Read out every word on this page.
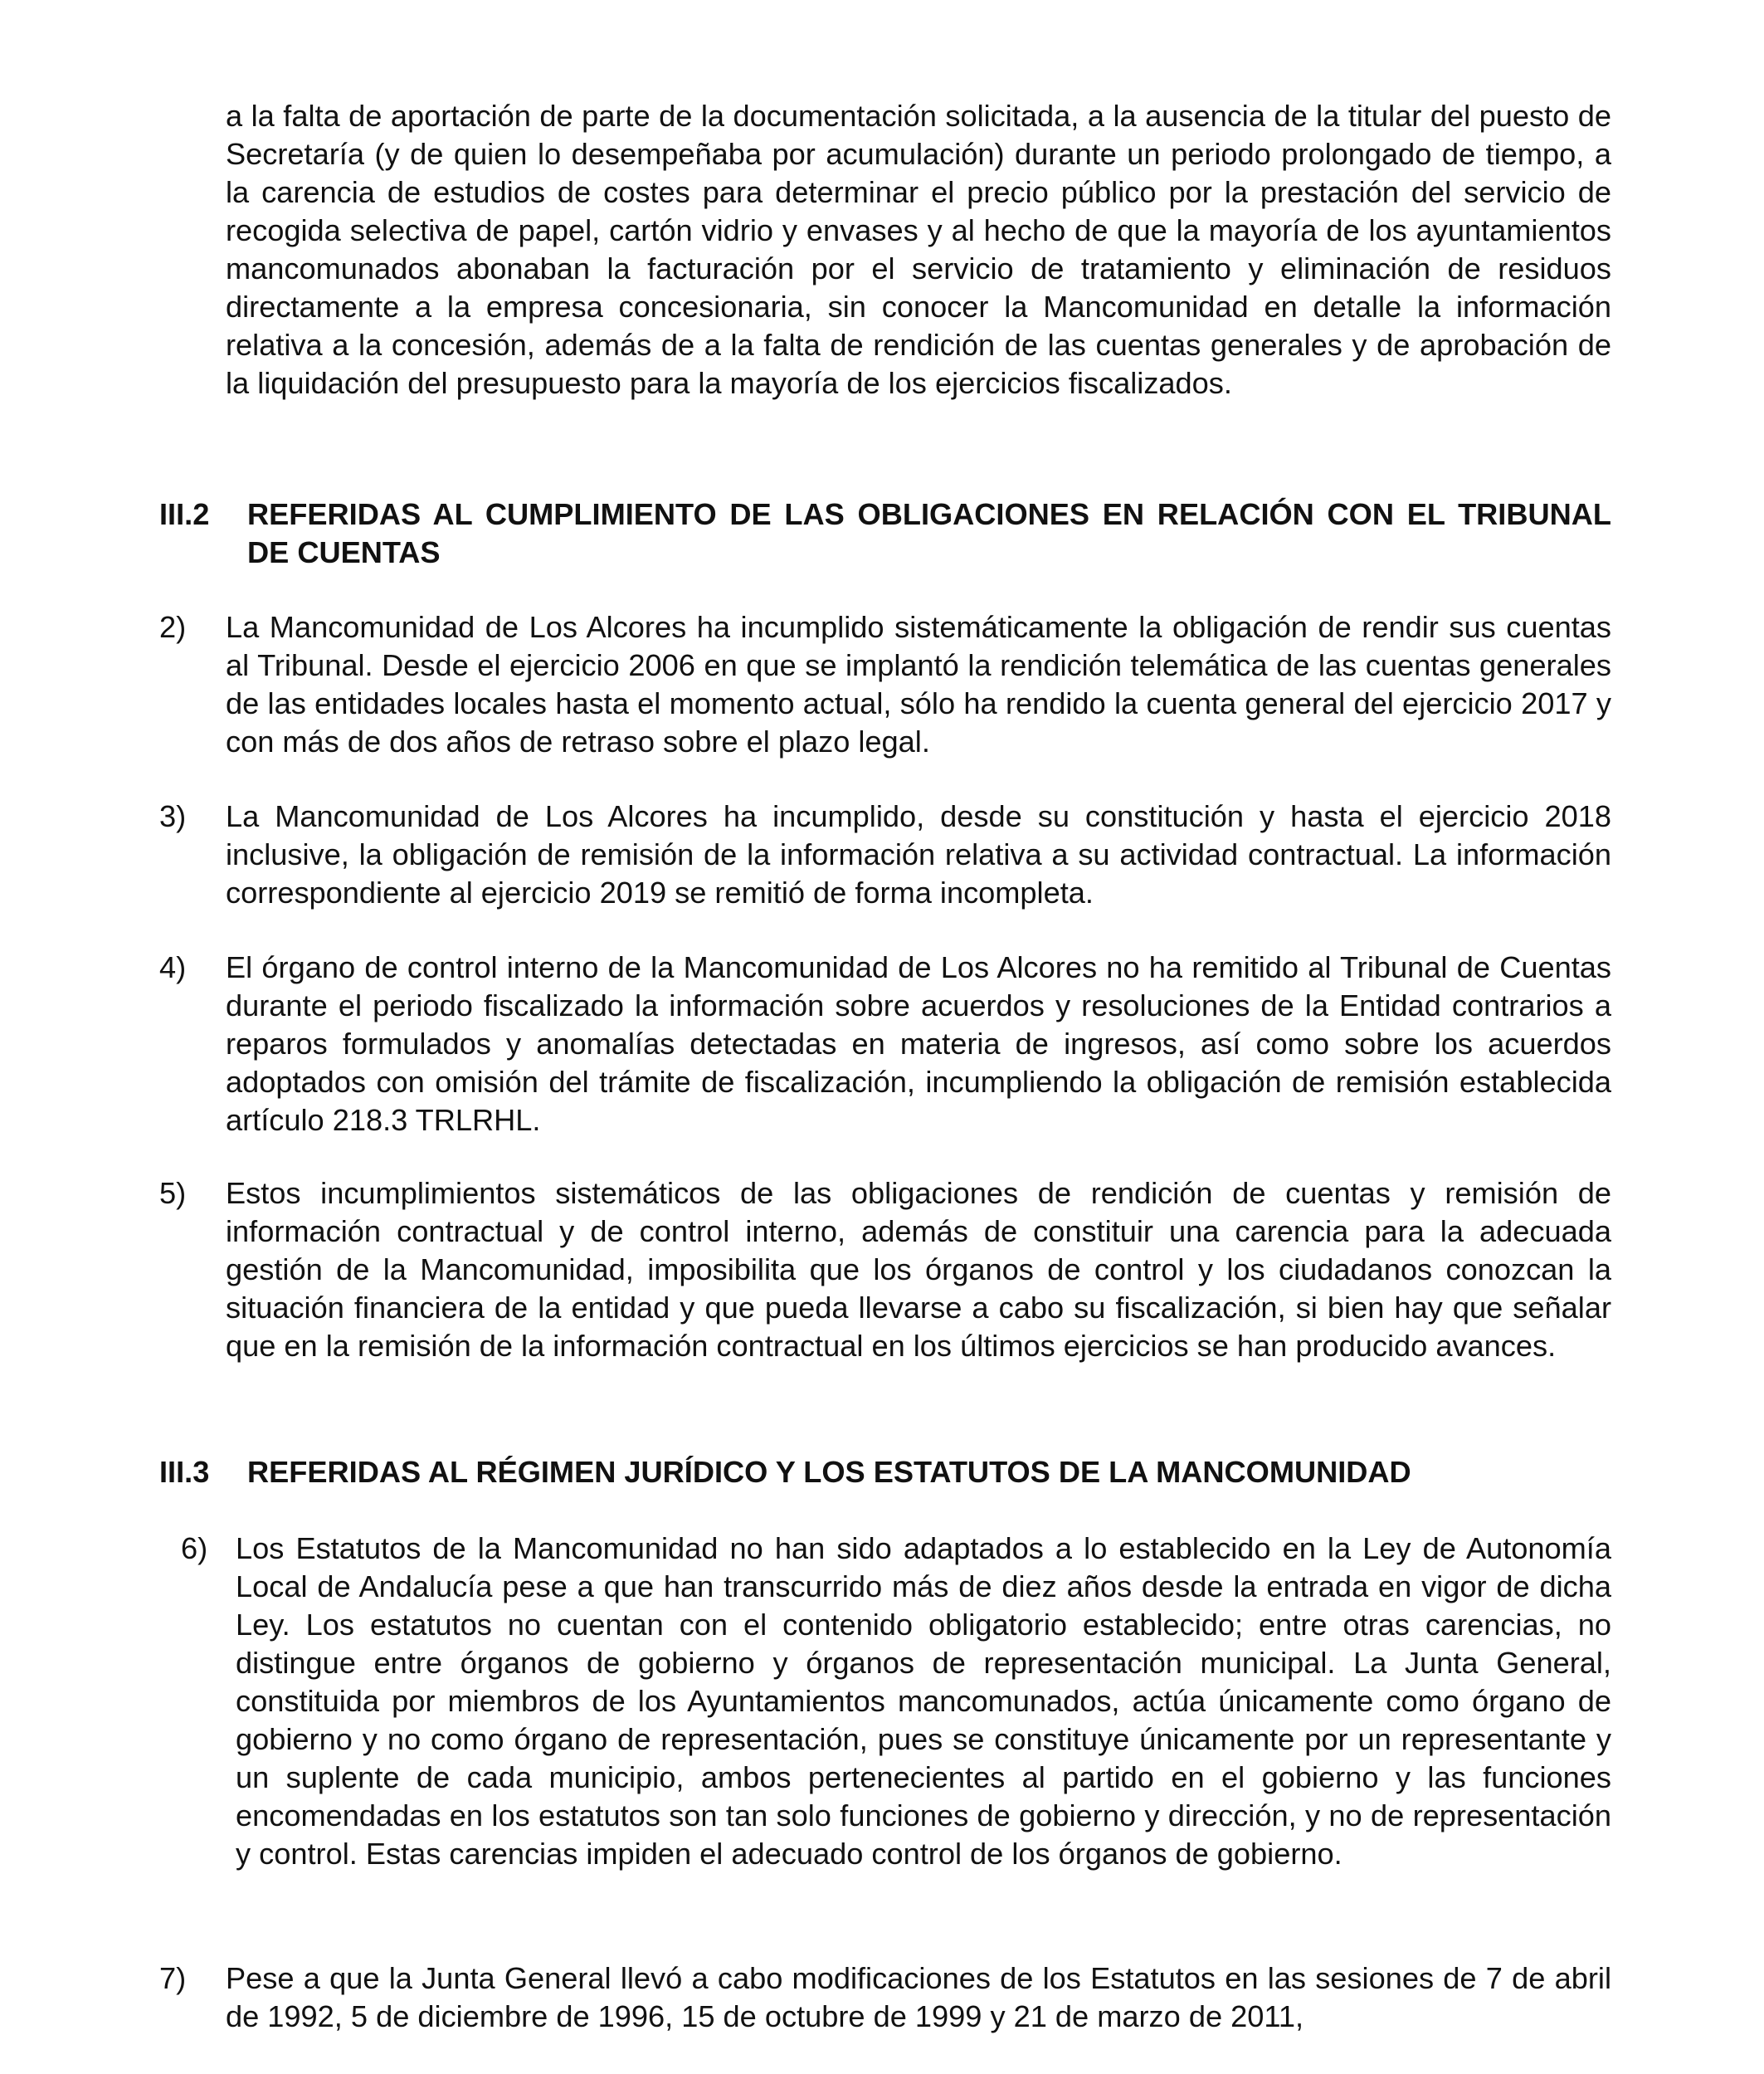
a la falta de aportación de parte de la documentación solicitada, a la ausencia de la titular del puesto de Secretaría (y de quien lo desempeñaba por acumulación) durante un periodo prolongado de tiempo, a la carencia de estudios de costes para determinar el precio público por la prestación del servicio de recogida selectiva de papel, cartón vidrio y envases y al hecho de que la mayoría de los ayuntamientos mancomunados abonaban la facturación por el servicio de tratamiento y eliminación de residuos directamente a la empresa concesionaria, sin conocer la Mancomunidad en detalle la información relativa a la concesión, además de a la falta de rendición de las cuentas generales y de aprobación de la liquidación del presupuesto para la mayoría de los ejercicios fiscalizados.

III.2 REFERIDAS AL CUMPLIMIENTO DE LAS OBLIGACIONES EN RELACIÓN CON EL TRIBUNAL DE CUENTAS
2) La Mancomunidad de Los Alcores ha incumplido sistemáticamente la obligación de rendir sus cuentas al Tribunal. Desde el ejercicio 2006 en que se implantó la rendición telemática de las cuentas generales de las entidades locales hasta el momento actual, sólo ha rendido la cuenta general del ejercicio 2017 y con más de dos años de retraso sobre el plazo legal.
3) La Mancomunidad de Los Alcores ha incumplido, desde su constitución y hasta el ejercicio 2018 inclusive, la obligación de remisión de la información relativa a su actividad contractual. La información correspondiente al ejercicio 2019 se remitió de forma incompleta.
4) El órgano de control interno de la Mancomunidad de Los Alcores no ha remitido al Tribunal de Cuentas durante el periodo fiscalizado la información sobre acuerdos y resoluciones de la Entidad contrarios a reparos formulados y anomalías detectadas en materia de ingresos, así como sobre los acuerdos adoptados con omisión del trámite de fiscalización, incumpliendo la obligación de remisión establecida artículo 218.3 TRLRHL.
5) Estos incumplimientos sistemáticos de las obligaciones de rendición de cuentas y remisión de información contractual y de control interno, además de constituir una carencia para la adecuada gestión de la Mancomunidad, imposibilita que los órganos de control y los ciudadanos conozcan la situación financiera de la entidad y que pueda llevarse a cabo su fiscalización, si bien hay que señalar que en la remisión de la información contractual en los últimos ejercicios se han producido avances.
III.3 REFERIDAS AL RÉGIMEN JURÍDICO Y LOS ESTATUTOS DE LA MANCOMUNIDAD
6) Los Estatutos de la Mancomunidad no han sido adaptados a lo establecido en la Ley de Autonomía Local de Andalucía pese a que han transcurrido más de diez años desde la entrada en vigor de dicha Ley. Los estatutos no cuentan con el contenido obligatorio establecido; entre otras carencias, no distingue entre órganos de gobierno y órganos de representación municipal. La Junta General, constituida por miembros de los Ayuntamientos mancomunados, actúa únicamente como órgano de gobierno y no como órgano de representación, pues se constituye únicamente por un representante y un suplente de cada municipio, ambos pertenecientes al partido en el gobierno y las funciones encomendadas en los estatutos son tan solo funciones de gobierno y dirección, y no de representación y control. Estas carencias impiden el adecuado control de los órganos de gobierno.
7) Pese a que la Junta General llevó a cabo modificaciones de los Estatutos en las sesiones de 7 de abril de 1992, 5 de diciembre de 1996, 15 de octubre de 1999 y 21 de marzo de 2011,
